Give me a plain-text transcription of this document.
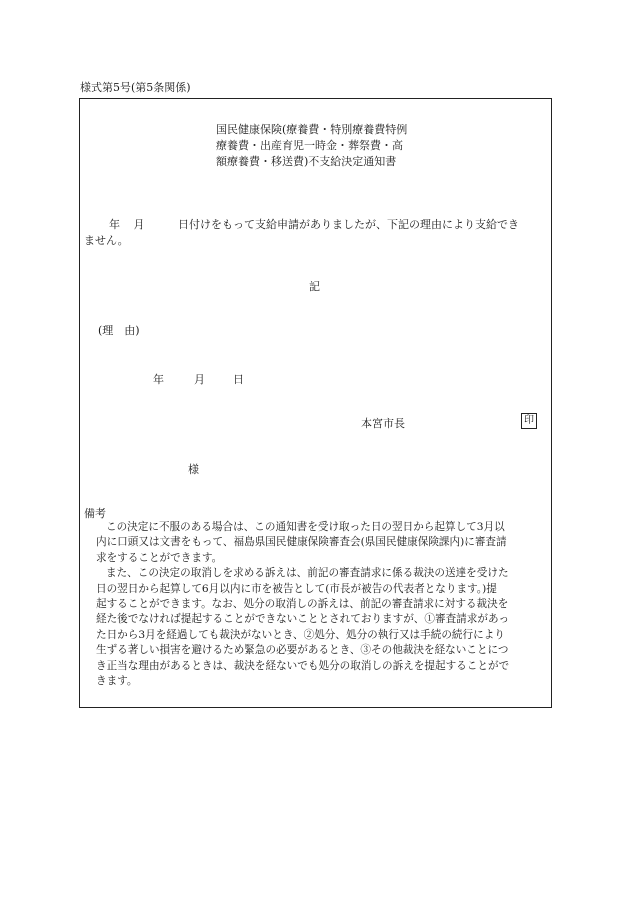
様式第5号(第5条関係)
国民健康保険(療養費・特別療養費特例
療養費・出産育児一時金・葬祭費・高
額療養費・移送費)不支給決定通知書
年 月	日付けをもって支給申請がありましたが、下記の理由により支給でき
ません。
記
(理　由)
年	月	日
本宮市長	印
様
備考
この決定に不服のある場合は、この通知書を受け取った日の翌日から起算して3月以
内に口頭又は文書をもって、福島県国民健康保険審査会(県国民健康保険課内)に審査請
求をすることができます。
また、この決定の取消しを求める訴えは、前記の審査請求に係る裁決の送達を受けた
日の翌日から起算して6月以内に市を被告として(市長が被告の代表者となります。)提
起することができます。なお、処分の取消しの訴えは、前記の審査請求に対する裁決を
経た後でなければ提起することができないこととされておりますが、①審査請求があっ
た日から3月を経過しても裁決がないとき、②処分、処分の執行又は手続の続行により
生ずる著しい損害を避けるため緊急の必要があるとき、③その他裁決を経ないことにつ
き正当な理由があるときは、裁決を経ないでも処分の取消しの訴えを提起することがで
きます。
